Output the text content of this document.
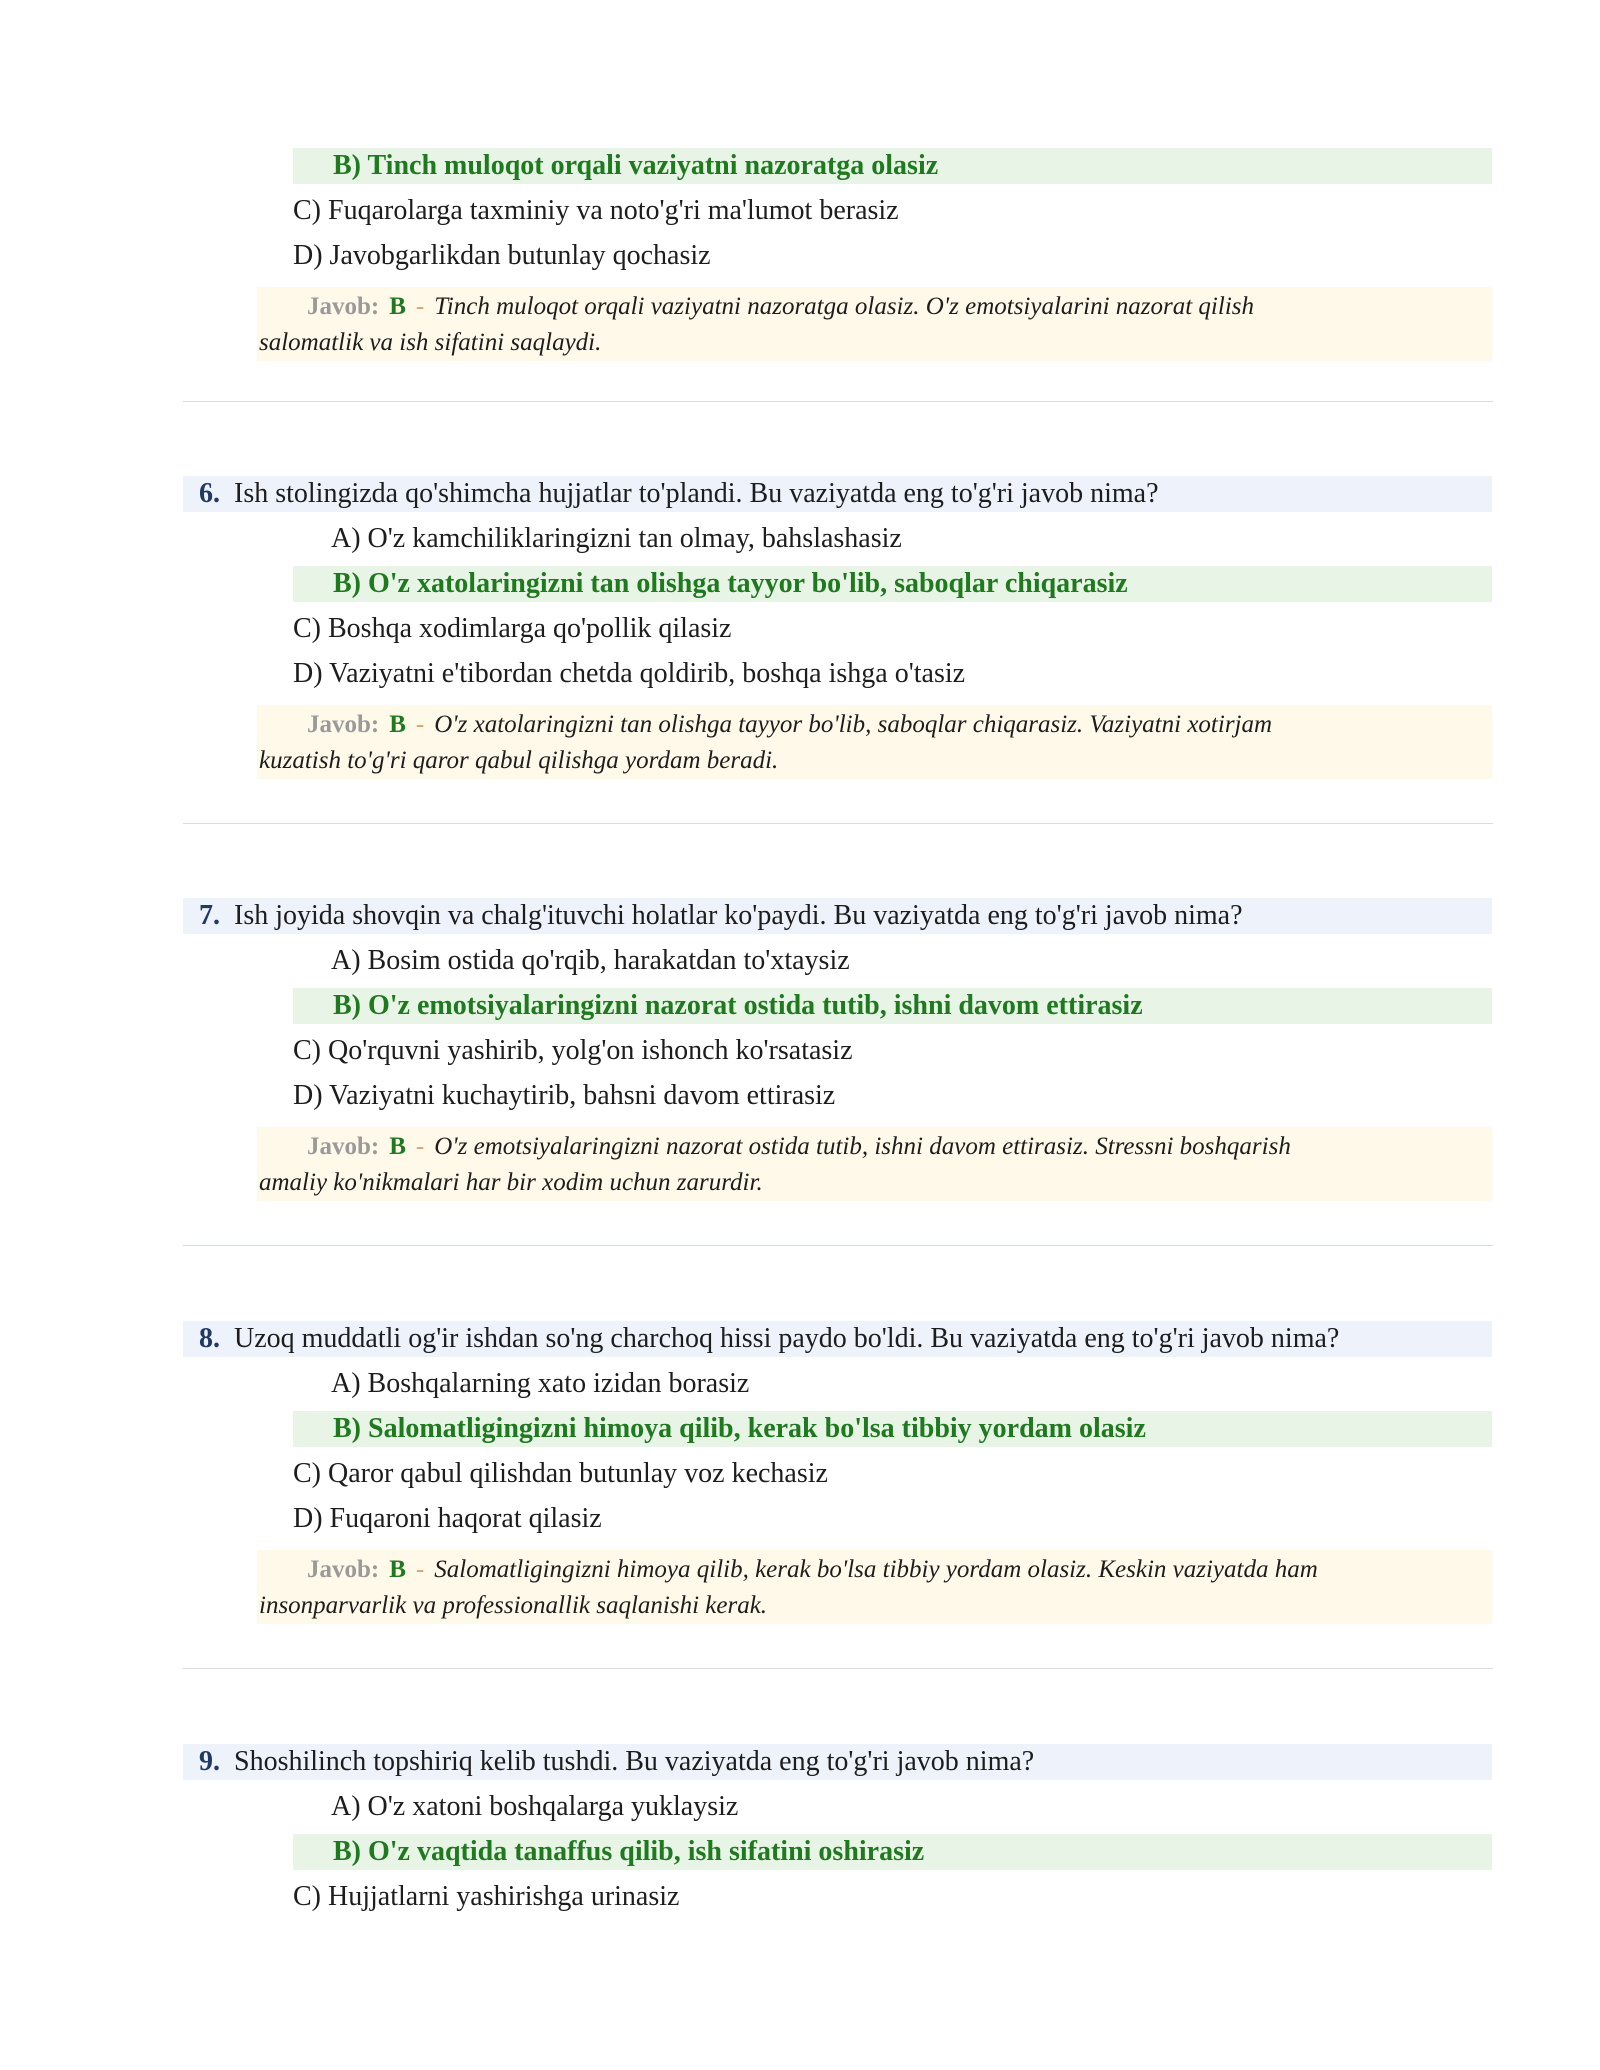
B) Tinch muloqot orqali vaziyatni nazoratga olasiz
C) Fuqarolarga taxminiy va noto'g'ri ma'lumot berasiz
D) Javobgarlikdan butunlay qochasiz
Javob: B - Tinch muloqot orqali vaziyatni nazoratga olasiz. O'z emotsiyalarini nazorat qilish
salomatlik va ish sifatini saqlaydi.
6. Ish stolingizda qo'shimcha hujjatlar to'plandi. Bu vaziyatda eng to'g'ri javob nima?
A) O'z kamchiliklaringizni tan olmay, bahslashasiz
B) O'z xatolaringizni tan olishga tayyor bo'lib, saboqlar chiqarasiz
C) Boshqa xodimlarga qo'pollik qilasiz
D) Vaziyatni e'tibordan chetda qoldirib, boshqa ishga o'tasiz
Javob: B - O'z xatolaringizni tan olishga tayyor bo'lib, saboqlar chiqarasiz. Vaziyatni xotirjam
kuzatish to'g'ri qaror qabul qilishga yordam beradi.
7. Ish joyida shovqin va chalg'ituvchi holatlar ko'paydi. Bu vaziyatda eng to'g'ri javob nima?
A) Bosim ostida qo'rqib, harakatdan to'xtaysiz
B) O'z emotsiyalaringizni nazorat ostida tutib, ishni davom ettirasiz
C) Qo'rquvni yashirib, yolg'on ishonch ko'rsatasiz
D) Vaziyatni kuchaytirib, bahsni davom ettirasiz
Javob: B - O'z emotsiyalaringizni nazorat ostida tutib, ishni davom ettirasiz. Stressni boshqarish
amaliy ko'nikmalari har bir xodim uchun zarurdir.
8. Uzoq muddatli og'ir ishdan so'ng charchoq hissi paydo bo'ldi. Bu vaziyatda eng to'g'ri javob nima?
A) Boshqalarning xato izidan borasiz
B) Salomatligingizni himoya qilib, kerak bo'lsa tibbiy yordam olasiz
C) Qaror qabul qilishdan butunlay voz kechasiz
D) Fuqaroni haqorat qilasiz
Javob: B - Salomatligingizni himoya qilib, kerak bo'lsa tibbiy yordam olasiz. Keskin vaziyatda ham
insonparvarlik va professionallik saqlanishi kerak.
9. Shoshilinch topshiriq kelib tushdi. Bu vaziyatda eng to'g'ri javob nima?
A) O'z xatoni boshqalarga yuklaysiz
B) O'z vaqtida tanaffus qilib, ish sifatini oshirasiz
C) Hujjatlarni yashirishga urinasiz
